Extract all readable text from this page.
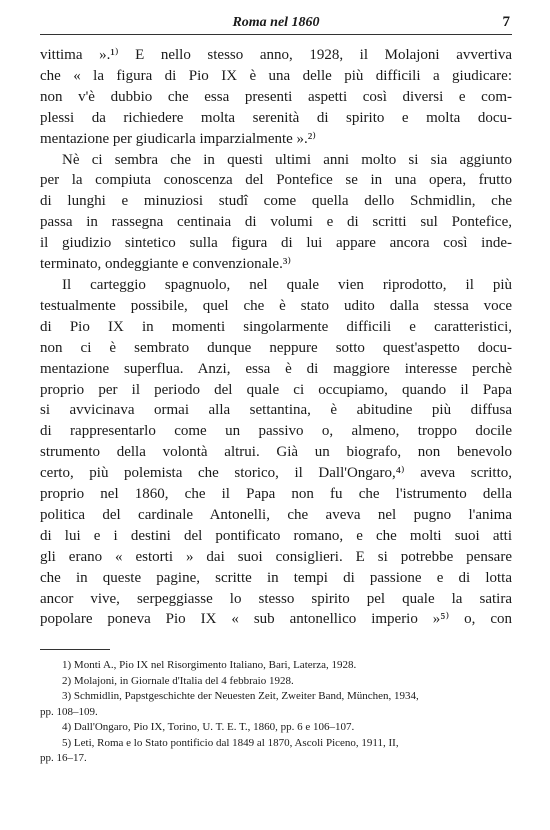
Roma nel 1860	7

vittima ».¹⁾ E nello stesso anno, 1928, il Molajoni avvertiva
che « la figura di Pio IX è una delle più difficili a giudicare:
non v'è dubbio che essa presenti aspetti così diversi e com-
plessi da richiedere molta serenità di spirito e molta docu-
mentazione per giudicarla imparzialmente ».²⁾

Nè ci sembra che in questi ultimi anni molto si sia aggiunto
per la compiuta conoscenza del Pontefice se in una opera, frutto
di lunghi e minuziosi studî come quella dello Schmidlin, che
passa in rassegna centinaia di volumi e di scritti sul Pontefice,
il giudizio sintetico sulla figura di lui appare ancora così inde-
terminato, ondeggiante e convenzionale.³⁾

Il carteggio spagnuolo, nel quale vien riprodotto, il più
testualmente possibile, quel che è stato udito dalla stessa voce
di Pio IX in momenti singolarmente difficili e caratteristici,
non ci è sembrato dunque neppure sotto quest'aspetto docu-
mentazione superflua. Anzi, essa è di maggiore interesse perchè
proprio per il periodo del quale ci occupiamo, quando il Papa
si avvicinava ormai alla settantina, è abitudine più diffusa
di rappresentarlo come un passivo o, almeno, troppo docile
strumento della volontà altrui. Già un biografo, non benevolo
certo, più polemista che storico, il Dall'Ongaro,⁴⁾ aveva scritto,
proprio nel 1860, che il Papa non fu che l'istrumento della
politica del cardinale Antonelli, che aveva nel pugno l'anima
di lui e i destini del pontificato romano, e che molti suoi atti
gli erano « estorti » dai suoi consiglieri. E si potrebbe pensare
che in queste pagine, scritte in tempi di passione e di lotta
ancor vive, serpeggiasse lo stesso spirito pel quale la satira
popolare poneva Pio IX « sub antonellico imperio »⁵⁾ o, con

1) Monti A., Pio IX nel Risorgimento Italiano, Bari, Laterza, 1928.
2) Molajoni, in Giornale d'Italia del 4 febbraio 1928.
3) Schmidlin, Papstgeschichte der Neuesten Zeit, Zweiter Band, München, 1934,
pp. 108–109.
4) Dall'Ongaro, Pio IX, Torino, U. T. E. T., 1860, pp. 6 e 106–107.
5) Leti, Roma e lo Stato pontificio dal 1849 al 1870, Ascoli Piceno, 1911, II,
pp. 16–17.
